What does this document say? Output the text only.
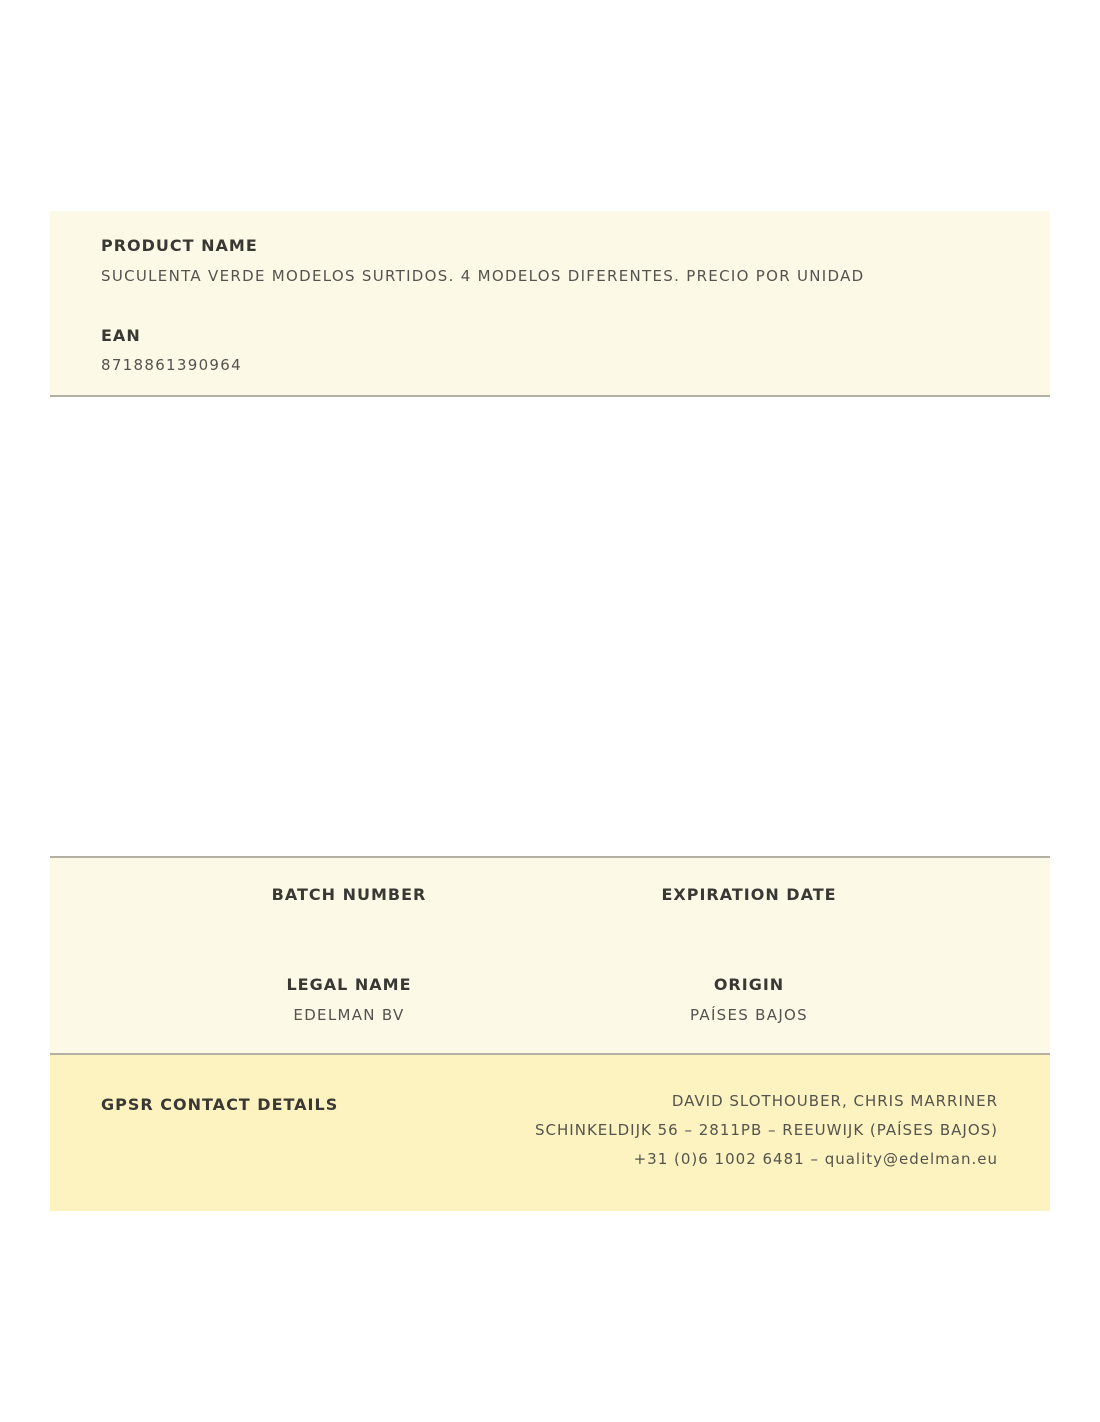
PRODUCT NAME
SUCULENTA VERDE MODELOS SURTIDOS. 4 MODELOS DIFERENTES. PRECIO POR UNIDAD
EAN
8718861390964
BATCH NUMBER	EXPIRATION DATE
LEGAL NAME
EDELMAN BV
ORIGIN
PAÍSES BAJOS
GPSR CONTACT DETAILS	DAVID SLOTHOUBER, CHRIS MARRINER
SCHINKELDIJK 56 – 2811PB – REEUWIJK (PAÍSES BAJOS)
+31 (0)6 1002 6481 – quality@edelman.eu
